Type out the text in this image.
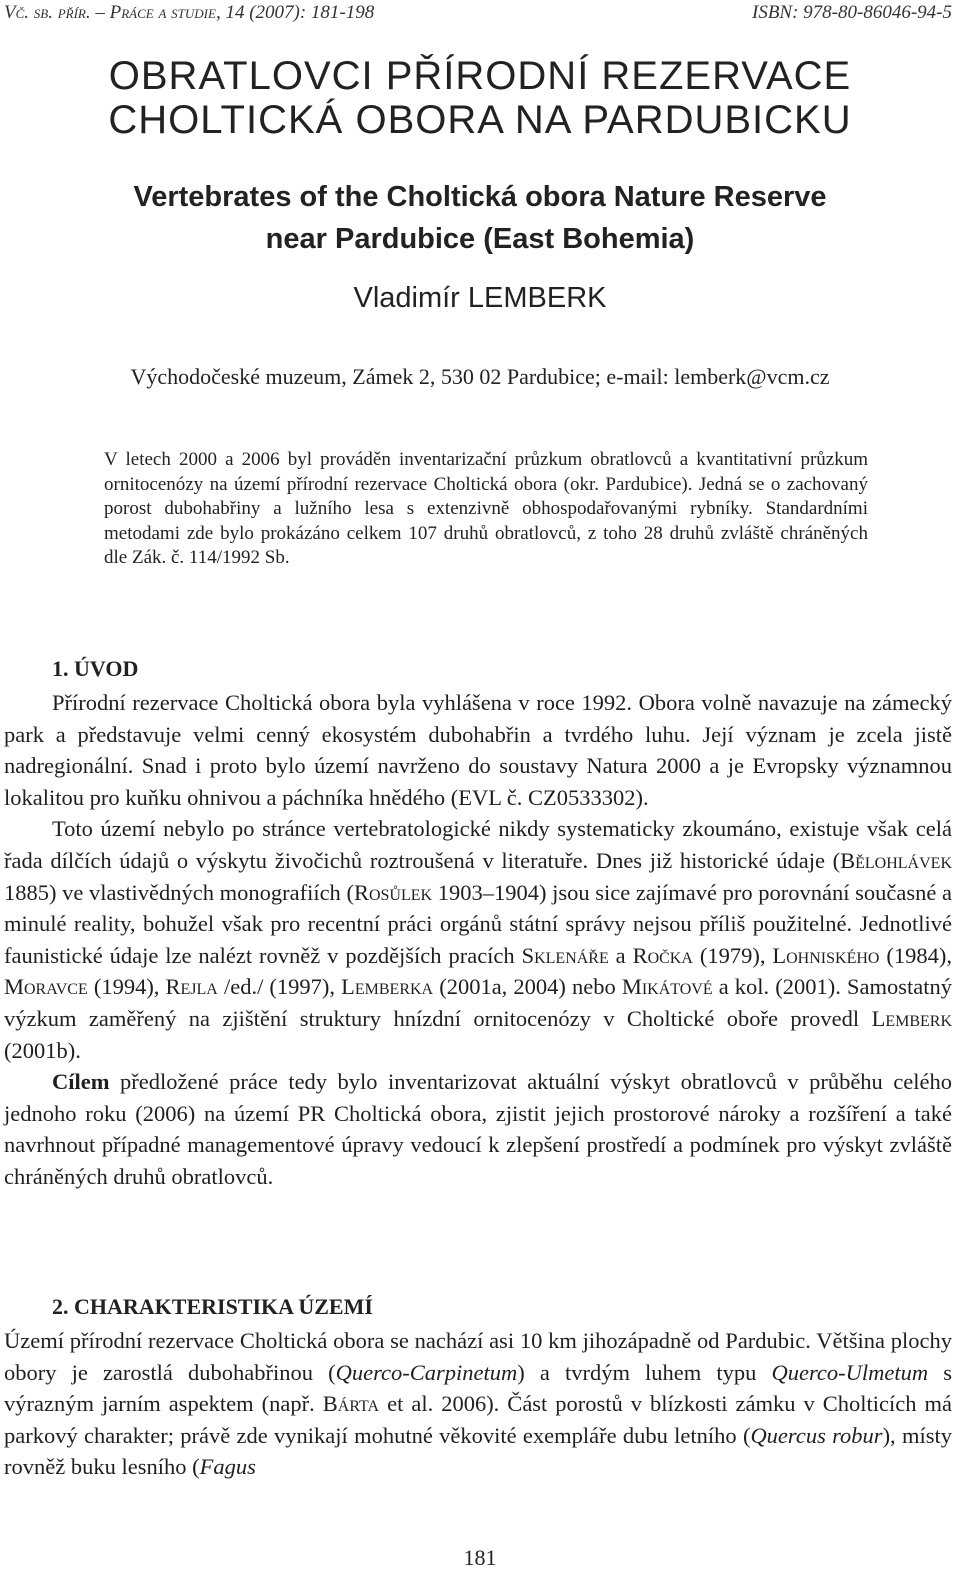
Vč. sb. přír. – Práce a studie, 14 (2007): 181-198	ISBN: 978-80-86046-94-5
OBRATLOVCI PŘÍRODNÍ REZERVACE
CHOLTICKÁ OBORA NA PARDUBICKU
Vertebrates of the Choltická obora Nature Reserve
near Pardubice (East Bohemia)
Vladimír LEMBERK
Východočeské muzeum, Zámek 2, 530 02 Pardubice; e-mail: lemberk@vcm.cz
V letech 2000 a 2006 byl prováděn inventarizační průzkum obratlovců a kvantitativní průzkum ornitocenózy na území přírodní rezervace Choltická obora (okr. Pardubice). Jedná se o zachovaný porost dubohabřiny a lužního lesa s extenzivně obhospodařovanými rybníky. Standardními metodami zde bylo prokázáno celkem 107 druhů obratlovců, z toho 28 druhů zvláště chráněných dle Zák. č. 114/1992 Sb.
1. ÚVOD

Přírodní rezervace Choltická obora byla vyhlášena v roce 1992. Obora volně navazuje na zámecký park a představuje velmi cenný ekosystém dubohabřin a tvrdého luhu. Její význam je zcela jistě nadregionální. Snad i proto bylo území navrženo do soustavy Natura 2000 a je Evropsky významnou lokalitou pro kuňku ohnivou a páchníka hnědého (EVL č. CZ0533302).

Toto území nebylo po stránce vertebratologické nikdy systematicky zkoumáno, existuje však celá řada dílčích údajů o výskytu živočichů roztroušená v literatuře. Dnes již historické údaje (Bělohlávek 1885) ve vlastivědných monografiích (Rosůlek 1903–1904) jsou sice zajímavé pro porovnání současné a minulé reality, bohužel však pro recentní práci orgánů státní správy nejsou příliš použitelné. Jednotlivé faunistické údaje lze nalézt rovněž v pozdějších pracích Sklenáře a Ročka (1979), Lohniského (1984), Moravce (1994), Rejla /ed./ (1997), Lemberka (2001a, 2004) nebo Mikátové a kol. (2001). Samostatný výzkum zaměřený na zjištění struktury hnízdní ornitocenózy v Choltické oboře provedl Lemberk (2001b).

Cílem předložené práce tedy bylo inventarizovat aktuální výskyt obratlovců v průběhu celého jednoho roku (2006) na území PR Choltická obora, zjistit jejich prostorové nároky a rozšíření a také navrhnout případné managementové úpravy vedoucí k zlepšení prostředí a podmínek pro výskyt zvláště chráněných druhů obratlovců.

2. CHARAKTERISTIKA ÚZEMÍ

Území přírodní rezervace Choltická obora se nachází asi 10 km jihozápadně od Pardubic. Většina plochy obory je zarostlá dubohabřinou (Querco-Carpinetum) a tvrdým luhem typu Querco-Ulmetum s výrazným jarním aspektem (např. Bárta et al. 2006). Část porostů v blízkosti zámku v Cholticích má parkový charakter; právě zde vynikají mohutné věkovité exempláře dubu letního (Quercus robur), místy rovněž buku lesního (Fagus

181
